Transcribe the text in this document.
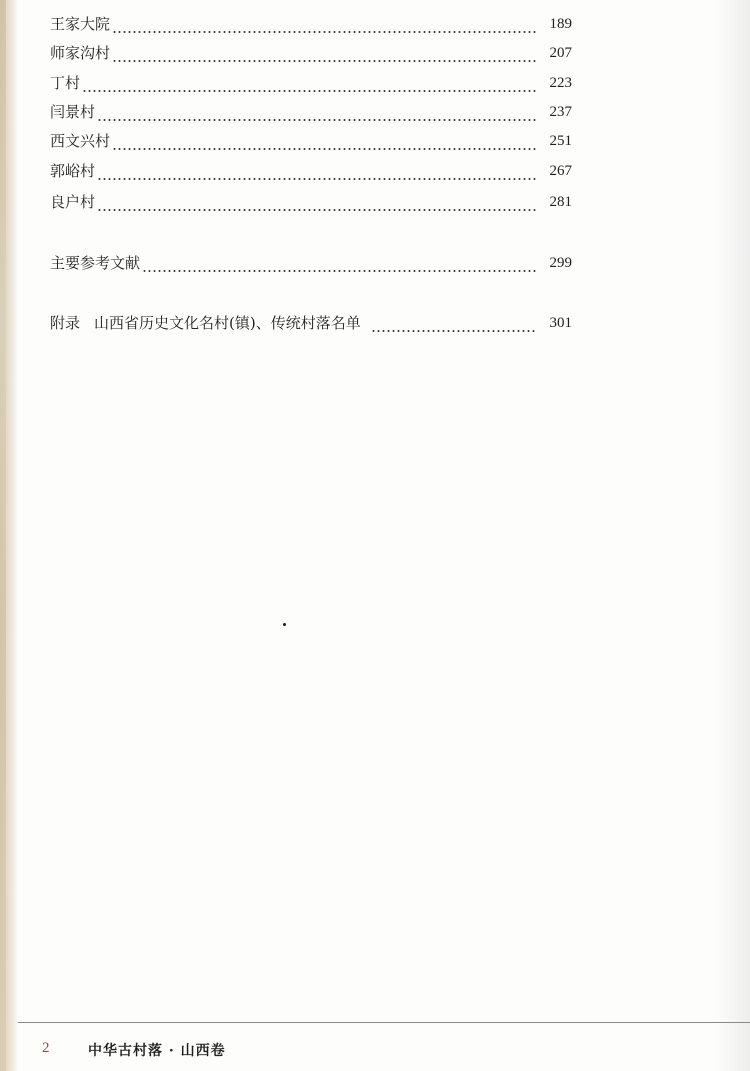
王家大院	189
师家沟村	207
丁村	223
闫景村	237
西文兴村	251
郭峪村	267
良户村	281
主要参考文献	299
附录 山西省历史文化名村(镇)、传统村落名单	301
2	中华古村落 · 山西卷
